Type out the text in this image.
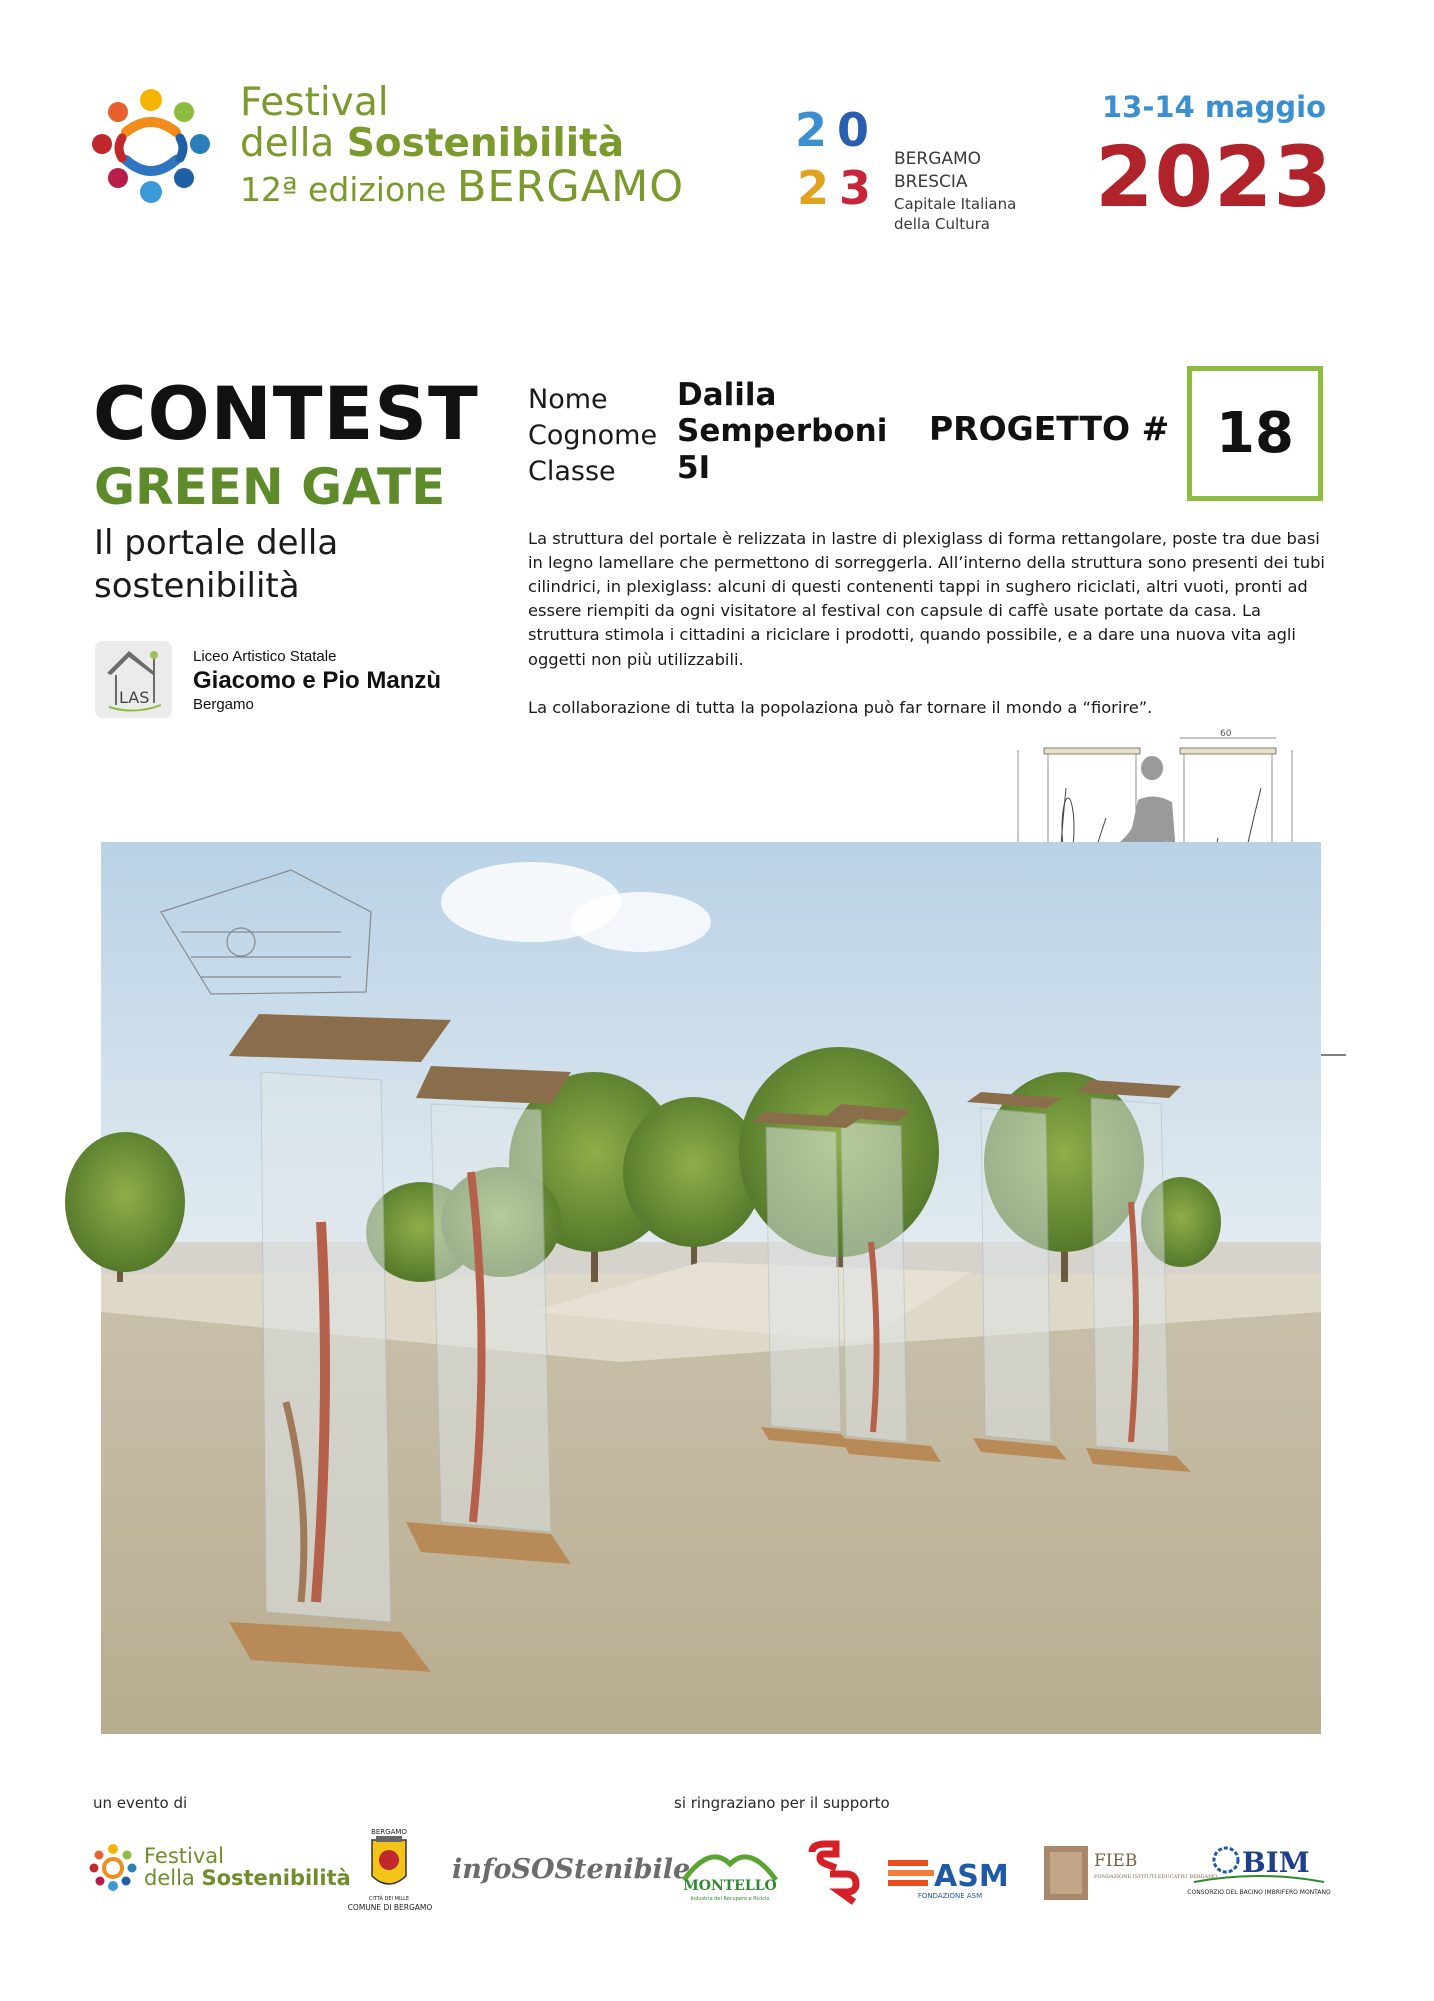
Festival
della Sostenibilità
12ª edizione BERGAMO
2 0
2 3
BERGAMO
BRESCIA
Capitale Italiana
della Cultura
13-14 maggio
2023
CONTEST
GREEN GATE
Il portale della
sostenibilità
LAS
Liceo Artistico Statale
Giacomo e Pio Manzù
Bergamo
Nome
Cognome
Classe
Dalila
Semperboni
5I
PROGETTO # 18

La struttura del portale è relizzata in lastre di plexiglass di forma rettangolare, poste tra due basi in legno lamellare che permettono di sorreggerla. All’interno della struttura sono presenti dei tubi cilindrici, in plexiglass: alcuni di questi contenenti tappi in sughero riciclati, altri vuoti, pronti ad essere riempiti da ogni visitatore al festival con capsule di caffè usate portate da casa. La struttura stimola i cittadini a riciclare i prodotti, quando possibile, e a dare una nuova vita agli oggetti non più utilizzabili.

La collaborazione di tutta la popolaziona può far tornare il mondo a “fiorire”.

60
un evento di	si ringraziano per il supporto
Festival
della Sostenibilità
BERGAMO
CITTÀ DEI MILLE
COMUNE DI BERGAMO
infoSOStenibile
MONTELLO
Industria del Recupero e Riciclo
ASM
FONDAZIONE ASM
FIEB
FONDAZIONE ISTITUTI EDUCATIVI BERGAMO BIM
CONSORZIO DEL BACINO IMBRIFERO MONTANO
